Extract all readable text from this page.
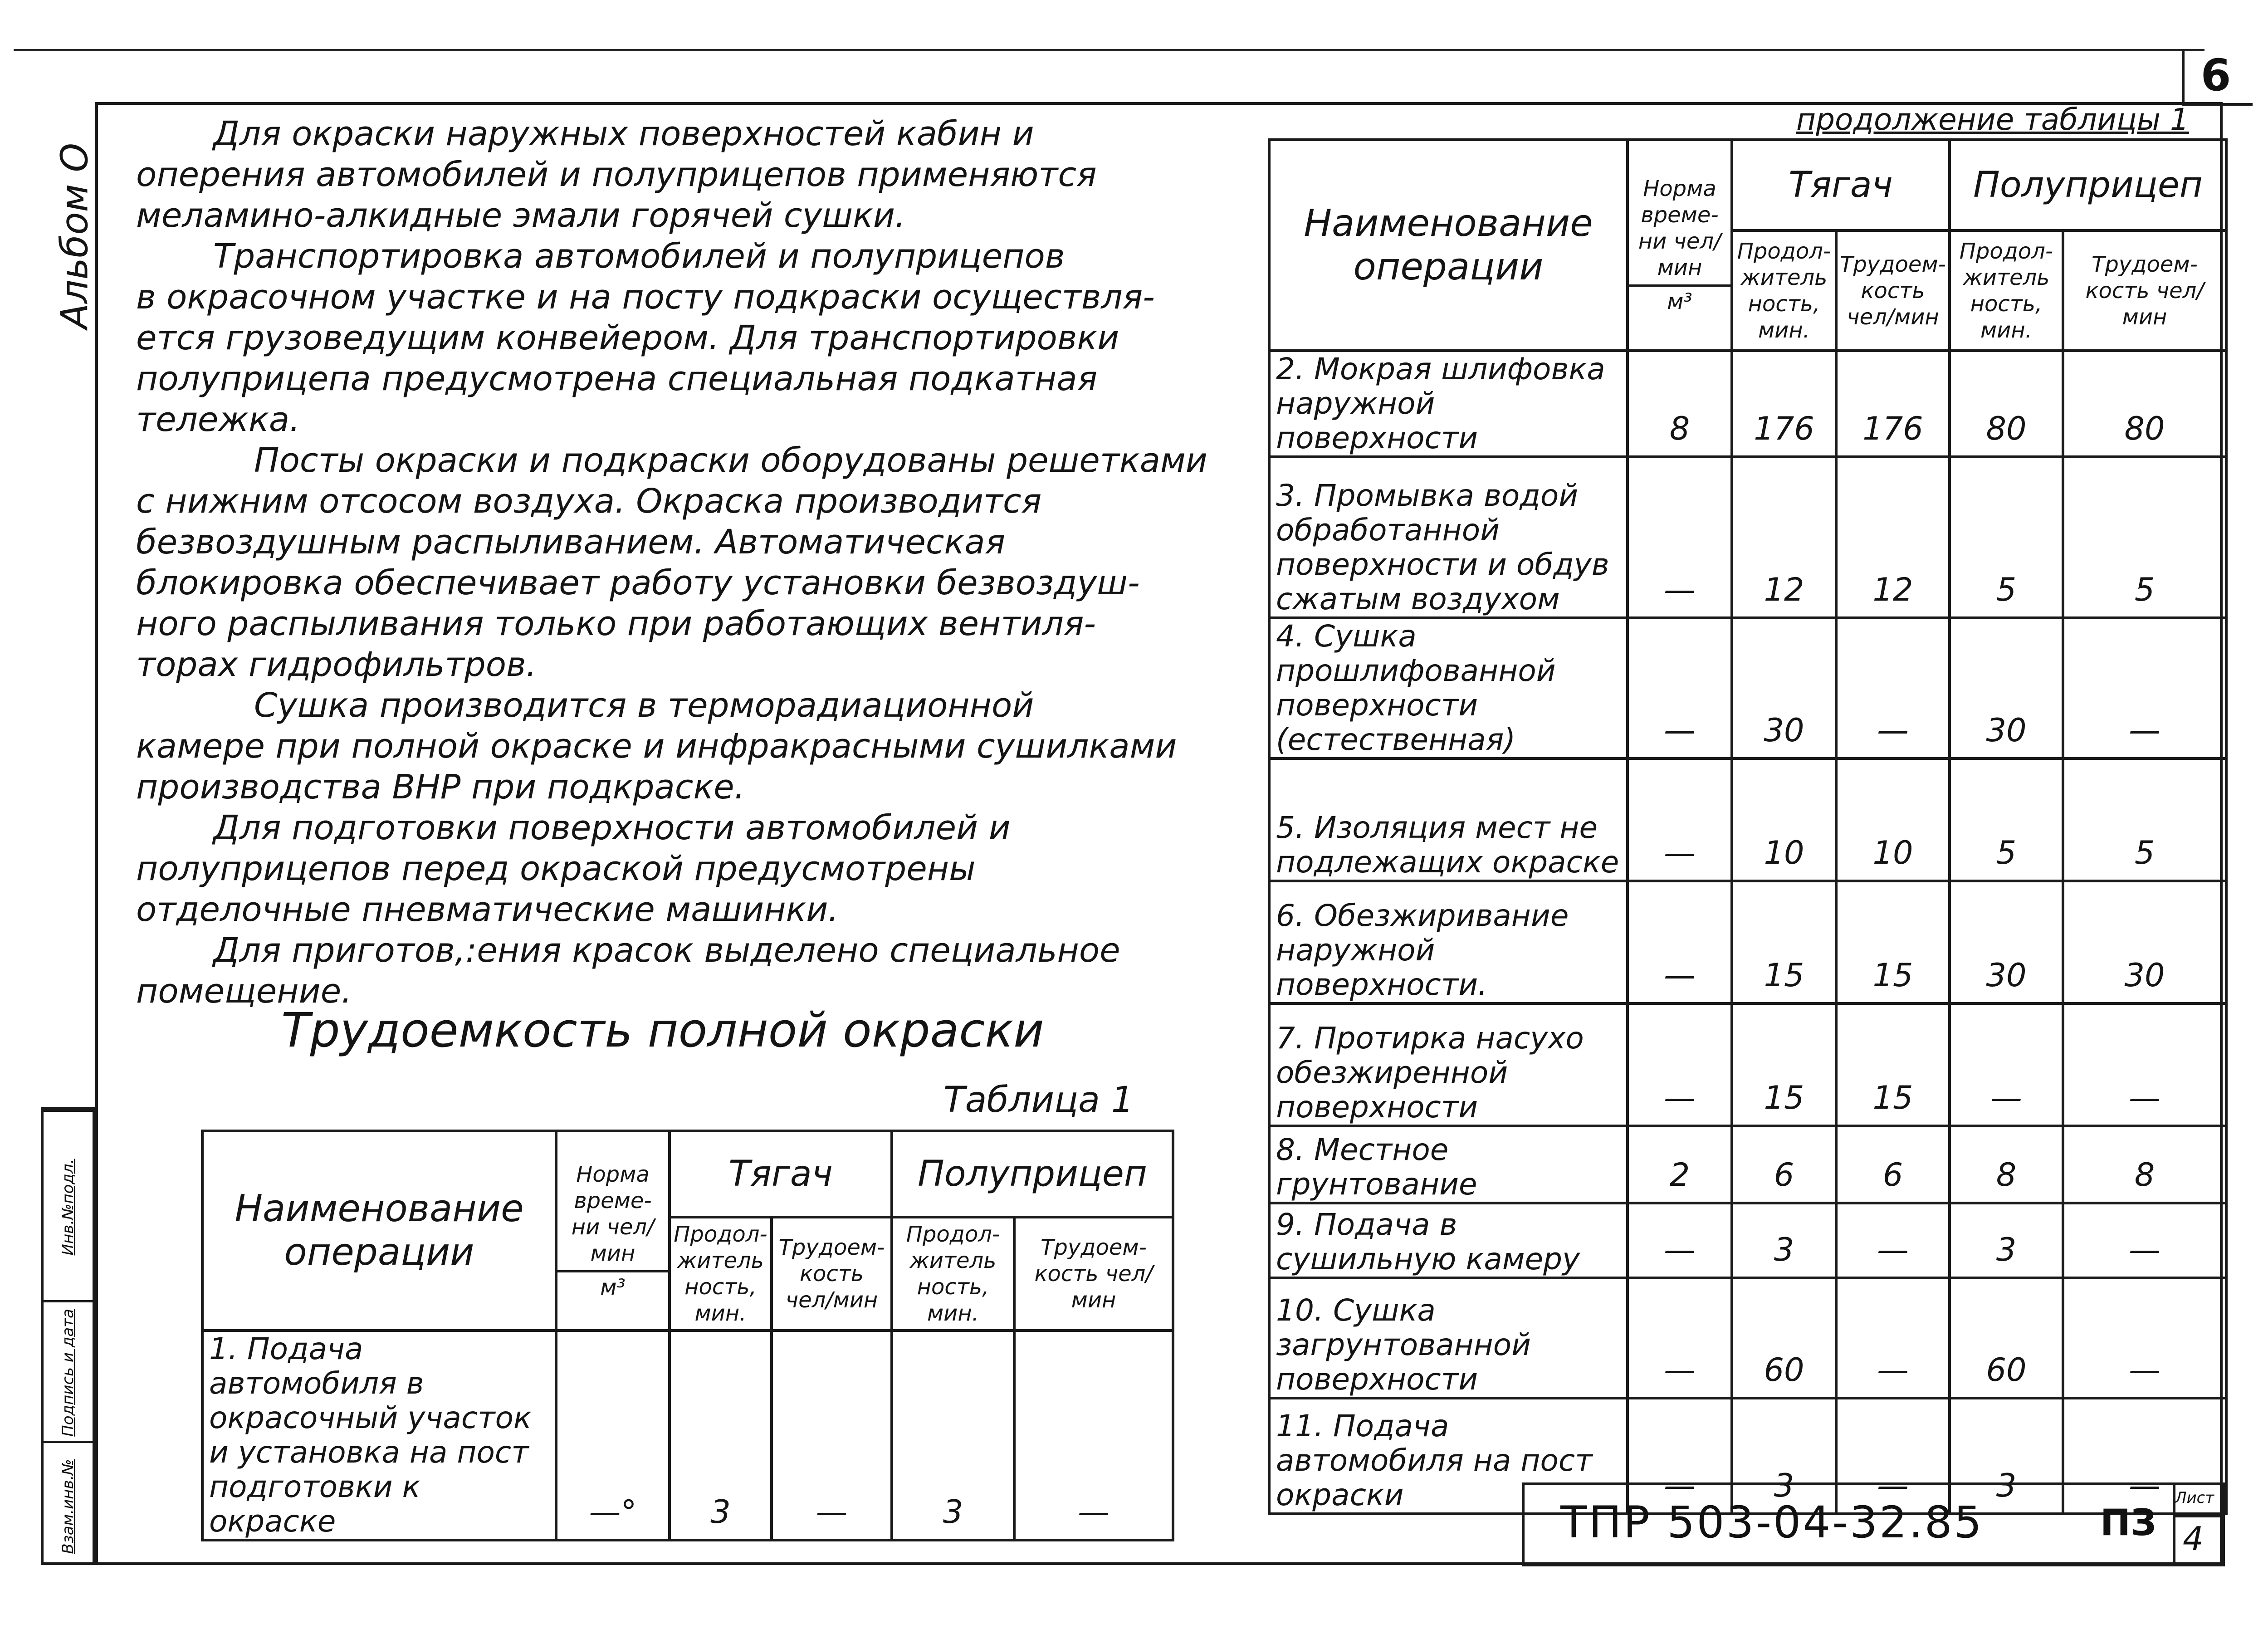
6
Альбом О
Инв.№подл.
Подпись и дата
Взам.инв.№

Для окраски наружных поверхностей кабин и

оперения автомобилей и полуприцепов применяются

меламино-алкидные эмали горячей сушки.

Транспортировка автомобилей и полуприцепов

в окрасочном участке и на посту подкраски осуществля-

ется грузоведущим конвейером. Для транспортировки

полуприцепа предусмотрена специальная подкатная

тележка.

Посты окраски и подкраски оборудованы решетками

с нижним отсосом воздуха. Окраска производится

безвоздушным распыливанием. Автоматическая

блокировка обеспечивает работу установки безвоздуш-

ного распыливания только при работающих вентиля-

торах гидрофильтров.

Сушка производится в терморадиационной

камере при полной окраске и инфракрасными сушилками

производства ВНР при подкраске.

Для подготовки поверхности автомобилей и

полуприцепов перед окраской предусмотрены

отделочные пневматические машинки.

Для приготов,:ения красок выделено специальное

помещение.

Трудоемкость полной окраски
Таблица 1
Наименование операции	Норма време- ни чел/мин
м³	Тягач		Полуприцеп	
		Продол- житель ность, мин.	Трудоем- кость чел/мин	Продол- житель ность, мин.	Трудоем- кость чел/мин
1. Подача автомобиля в окрасочный участок и установка на пост подготовки к окраске	—°	3	—	3	—
продолжение таблицы 1
Наименование операции	Норма време- ни чел/мин
м³	Тягач		Полуприцеп	
		Продол- житель ность, мин.	Трудоем- кость чел/мин	Продол- житель ность, мин.	Трудоем- кость чел/мин
2. Мокрая шлифовка наружной поверхности	8	176	176	80	80
3. Промывка водой обработанной поверхности и обдув сжатым воздухом	—	12	12	5	5
4. Сушка прошлифованной поверхности (естественная)	—	30	—	30	—
5. Изоляция мест не подлежащих окраске	—	10	10	5	5
6. Обезжиривание наружной поверхности.	—	15	15	30	30
7. Протирка насухо обезжиренной поверхности	—	15	15	—	—
8. Местное грунтование	2	6	6	8	8
9. Подача в сушильную камеру	—	3	—	3	—
10. Сушка загрунтованной поверхности	—	60	—	60	—
11. Подача автомобиля на пост окраски	—	3	—	3	—
ТПР 503-04-32.85	ПЗ
Лист
4
